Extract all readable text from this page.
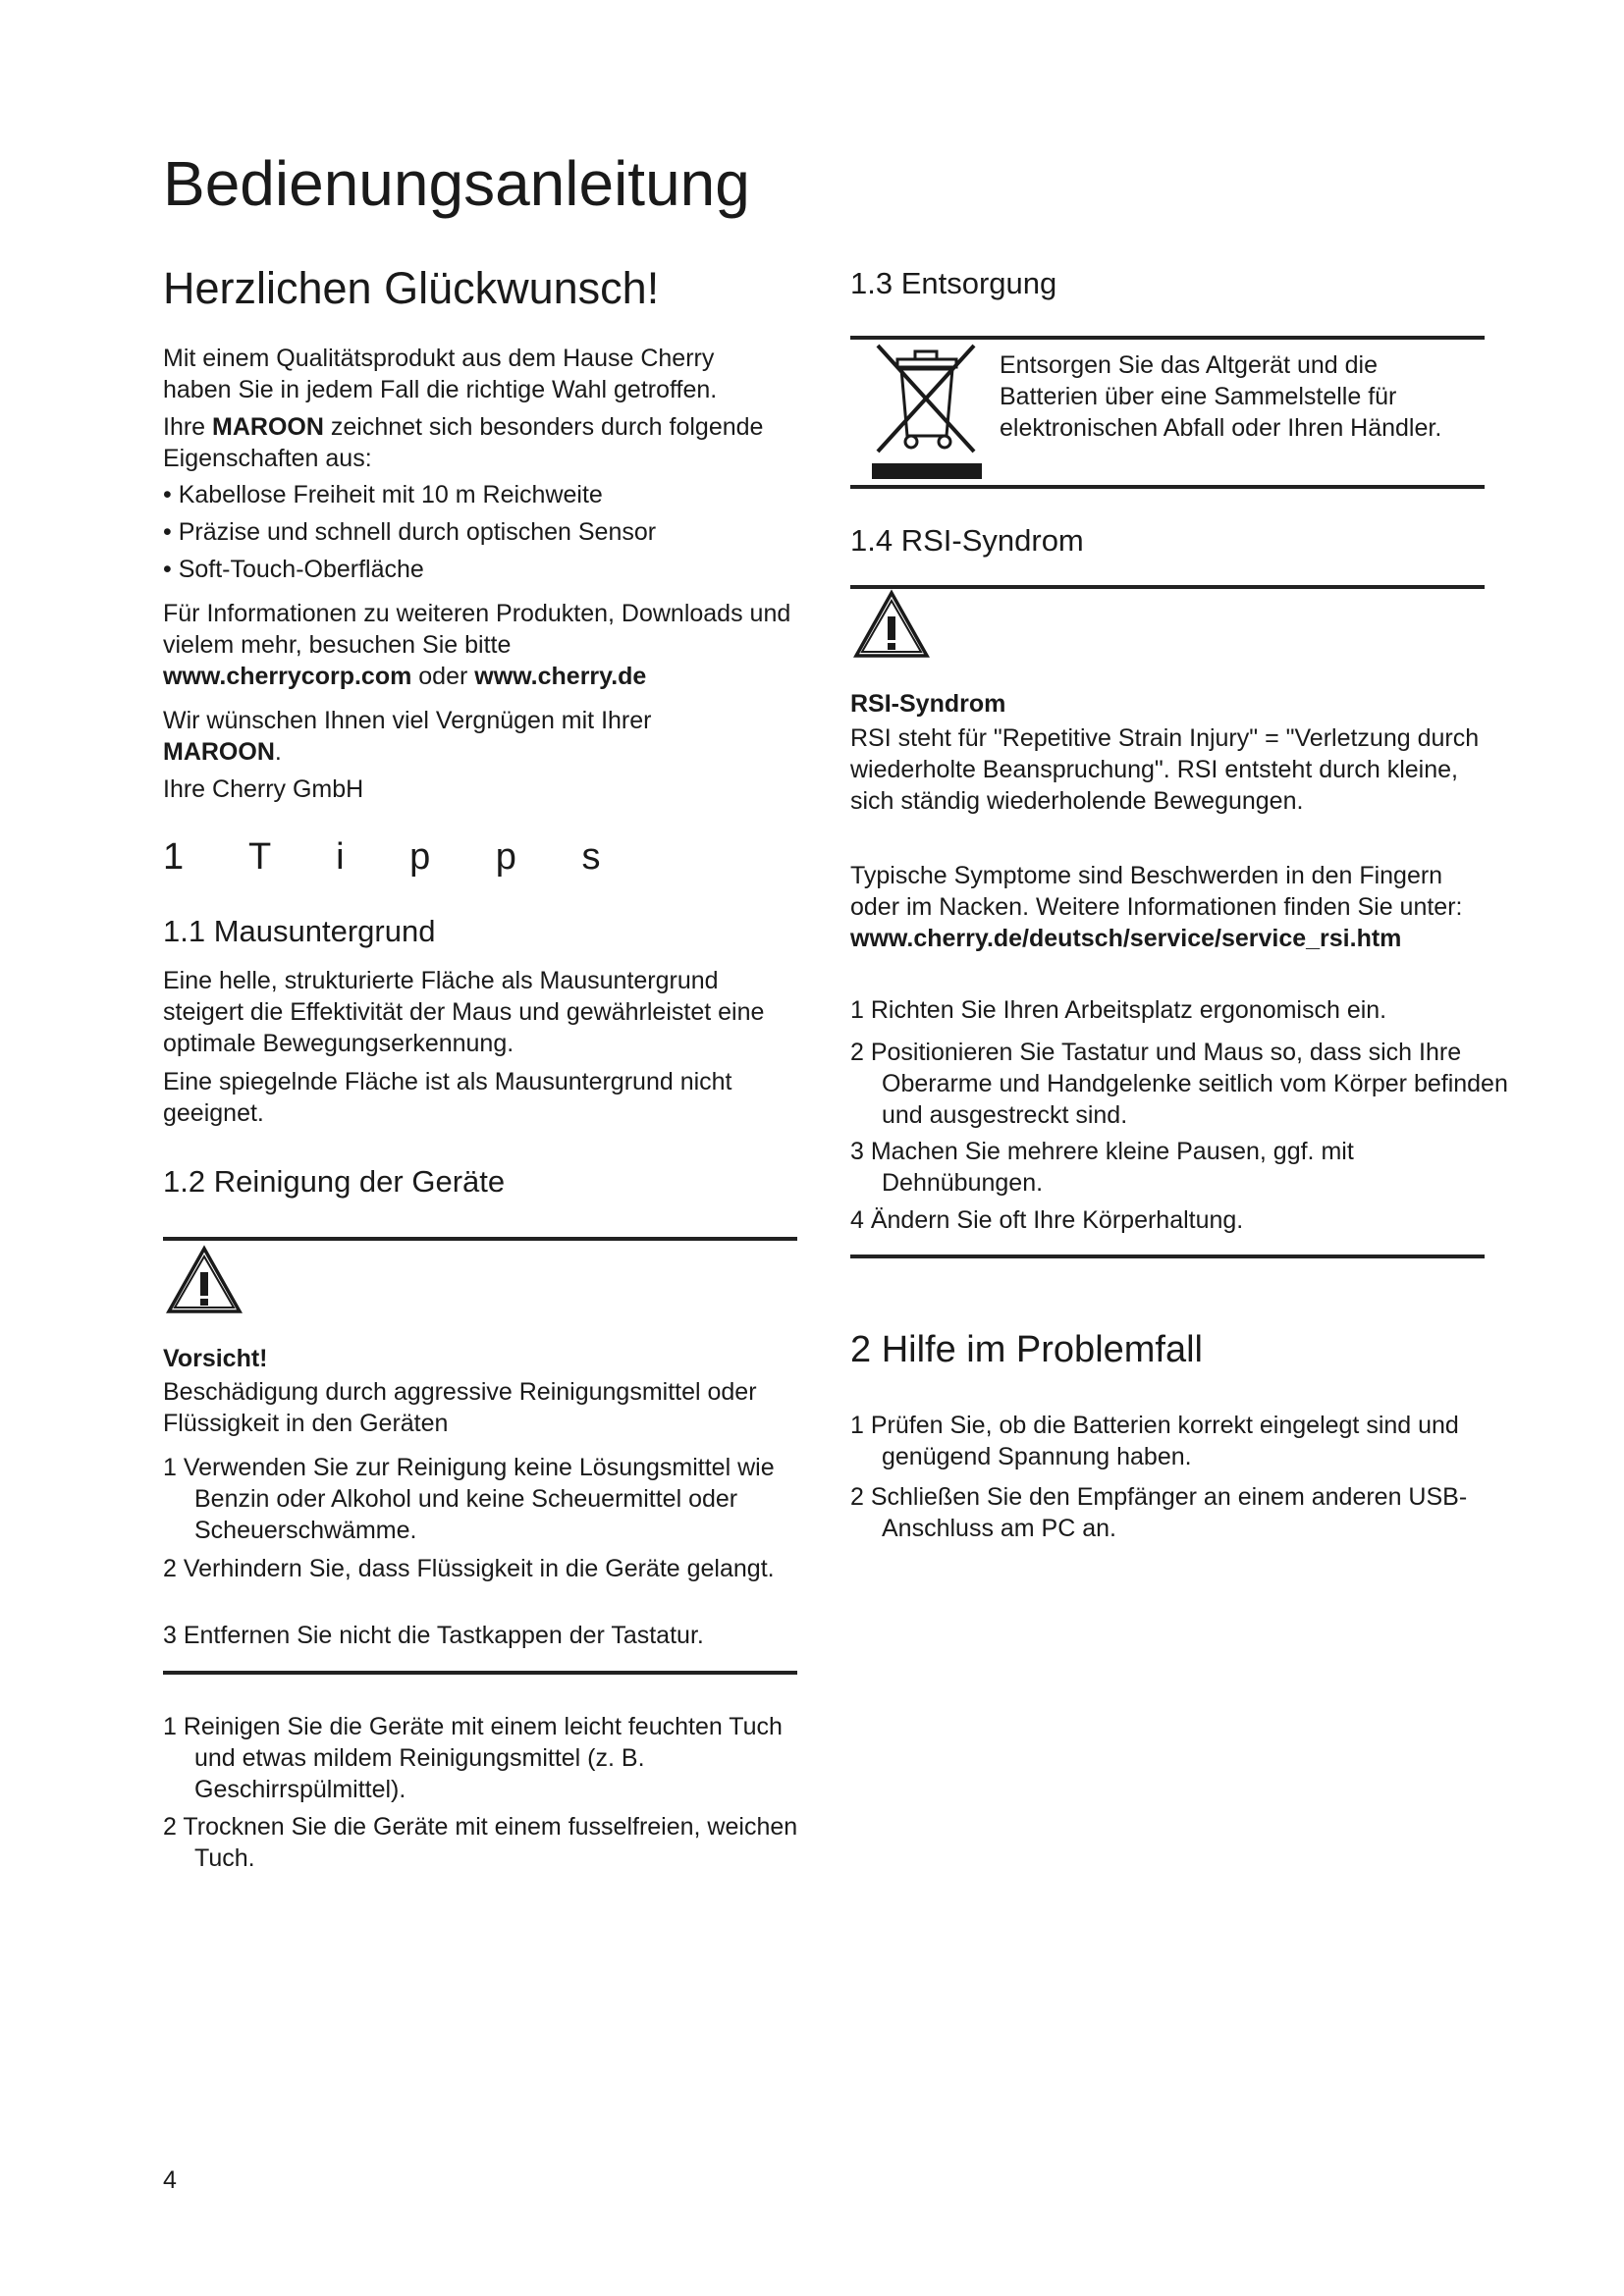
Bedienungsanleitung
Herzlichen Glückwunsch!

Mit einem Qualitätsprodukt aus dem Hause Cherry haben Sie in jedem Fall die richtige Wahl getroffen.

Ihre MAROON zeichnet sich besonders durch folgende Eigenschaften aus:

• Kabellose Freiheit mit 10 m Reichweite

• Präzise und schnell durch optischen Sensor

• Soft-Touch-Oberfläche

Für Informationen zu weiteren Produkten, Downloads und vielem mehr, besuchen Sie bitte

www.cherrycorp.com oder www.cherry.de

Wir wünschen Ihnen viel Vergnügen mit Ihrer MAROON.

Ihre Cherry GmbH

1 T i p p s
1.1 Mausuntergrund

Eine helle, strukturierte Fläche als Mausuntergrund steigert die Effektivität der Maus und gewährleistet eine optimale Bewegungserkennung.

Eine spiegelnde Fläche ist als Mausuntergrund nicht geeignet.

1.2 Reinigung der Geräte

Vorsicht!

Beschädigung durch aggressive Reinigungsmittel oder Flüssigkeit in den Geräten

1 Verwenden Sie zur Reinigung keine Lösungsmittel wie Benzin oder Alkohol und keine Scheuermittel oder Scheuerschwämme.

2 Verhindern Sie, dass Flüssigkeit in die Geräte gelangt.

3 Entfernen Sie nicht die Tastkappen der Tastatur.

1 Reinigen Sie die Geräte mit einem leicht feuchten Tuch und etwas mildem Reinigungsmittel (z. B. Geschirrspülmittel).

2 Trocknen Sie die Geräte mit einem fusselfreien, weichen Tuch.

1.3 Entsorgung

Entsorgen Sie das Altgerät und die Batterien über eine Sammelstelle für elektronischen Abfall oder Ihren Händler.

1.4 RSI-Syndrom

RSI-Syndrom

RSI steht für "Repetitive Strain Injury" = "Verletzung durch wiederholte Beanspruchung". RSI entsteht durch kleine, sich ständig wiederholende Bewegungen.

Typische Symptome sind Beschwerden in den Fingern oder im Nacken. Weitere Informationen finden Sie unter: www.cherry.de/deutsch/service/service_rsi.htm

1 Richten Sie Ihren Arbeitsplatz ergonomisch ein.

2 Positionieren Sie Tastatur und Maus so, dass sich Ihre Oberarme und Handgelenke seitlich vom Körper befinden und ausgestreckt sind.

3 Machen Sie mehrere kleine Pausen, ggf. mit Dehnübungen.

4 Ändern Sie oft Ihre Körperhaltung.

2 Hilfe im Problemfall

1 Prüfen Sie, ob die Batterien korrekt eingelegt sind und genügend Spannung haben.

2 Schließen Sie den Empfänger an einem anderen USB-Anschluss am PC an.

4
